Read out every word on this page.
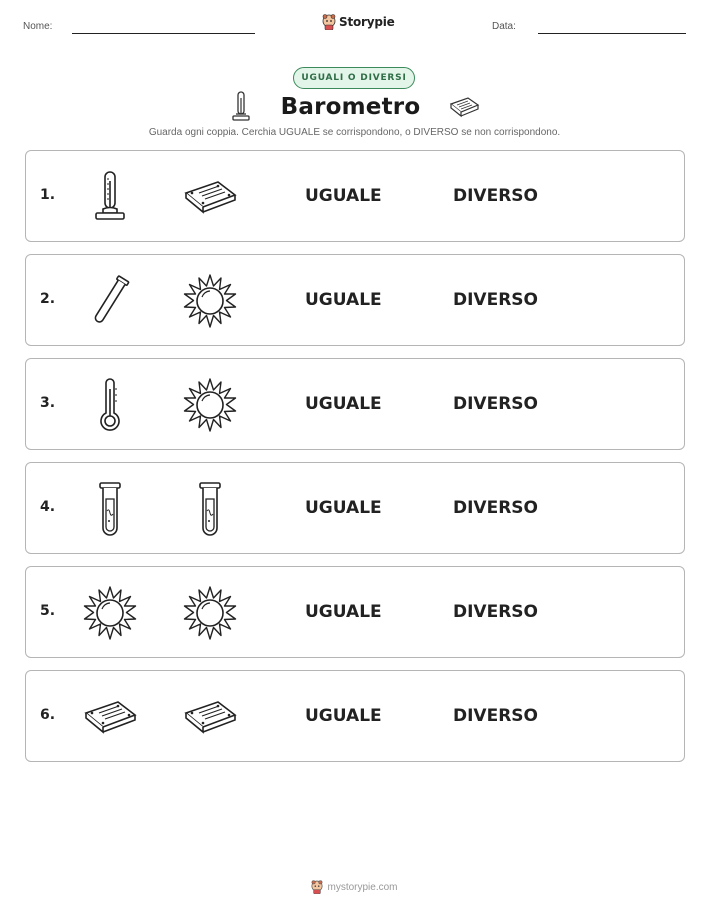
Nome:	Storypie	Data:
UGUALI O DIVERSI
Barometro
Guarda ogni coppia. Cerchia UGUALE se corrispondono, o DIVERSO se non corrispondono.
1.	UGUALE	DIVERSO
2.	UGUALE	DIVERSO
3.	UGUALE	DIVERSO
4.	UGUALE	DIVERSO
5.	UGUALE	DIVERSO
6.	UGUALE	DIVERSO
mystorypie.com
